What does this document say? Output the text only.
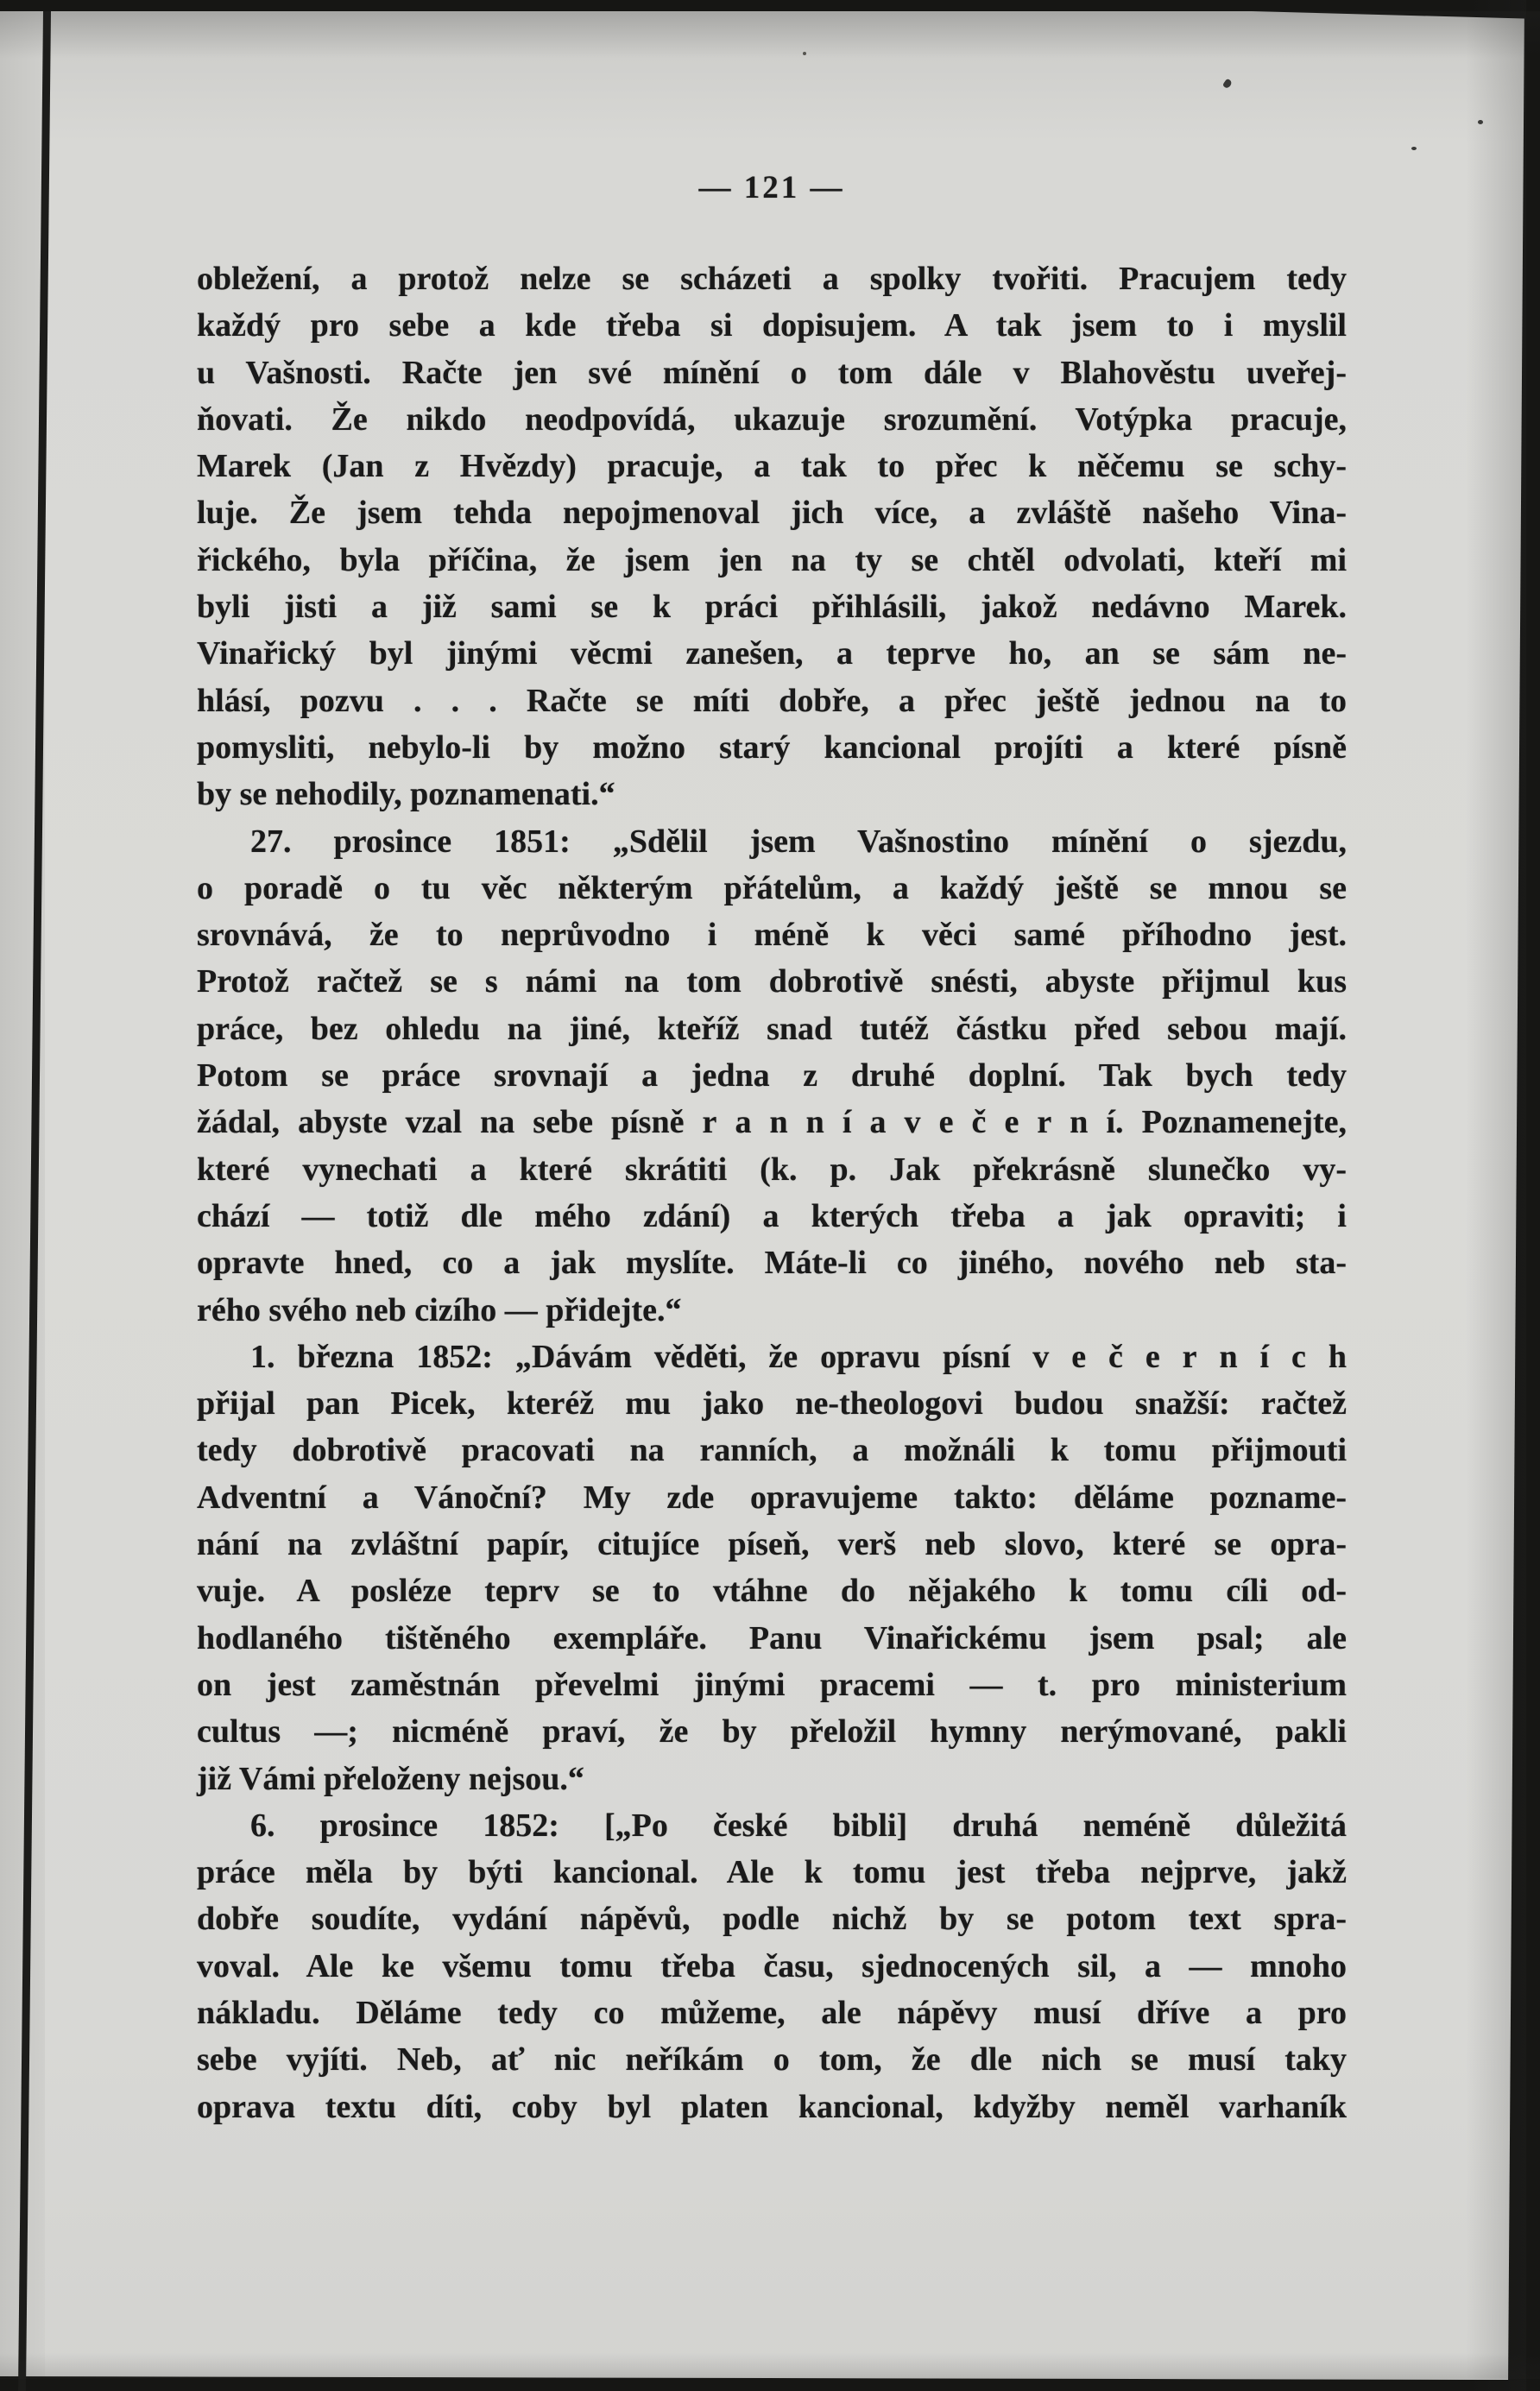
— 121 —
obležení, a protož nelze se scházeti a spolky tvořiti. Pracujem tedy
každý pro sebe a kde třeba si dopisujem. A tak jsem to i myslil
u Vašnosti. Račte jen své mínění o tom dále v Blahověstu uveřej-
ňovati. Že nikdo neodpovídá, ukazuje srozumění. Votýpka pracuje,
Marek (Jan z Hvězdy) pracuje, a tak to přec k něčemu se schy-
luje. Že jsem tehda nepojmenoval jich více, a zvláště našeho Vina-
řického, byla příčina, že jsem jen na ty se chtěl odvolati, kteří mi
byli jisti a již sami se k práci přihlásili, jakož nedávno Marek.
Vinařický byl jinými věcmi zanešen, a teprve ho, an se sám ne-
hlásí, pozvu . . . Račte se míti dobře, a přec ještě jednou na to
pomysliti, nebylo-li by možno starý kancional projíti a které písně
by se nehodily, poznamenati.“
27. prosince 1851: „Sdělil jsem Vašnostino mínění o sjezdu,
o poradě o tu věc některým přátelům, a každý ještě se mnou se
srovnává, že to neprůvodno i méně k věci samé příhodno jest.
Protož račtež se s námi na tom dobrotivě snésti, abyste přijmul kus
práce, bez ohledu na jiné, kteříž snad tutéž částku před sebou mají.
Potom se práce srovnají a jedna z druhé doplní. Tak bych tedy
žádal, abyste vzal na sebe písně r a n n í a v e č e r n í. Poznamenejte,
které vynechati a které skrátiti (k. p. Jak překrásně slunečko vy-
chází — totiž dle mého zdání) a kterých třeba a jak opraviti; i
opravte hned, co a jak myslíte. Máte-li co jiného, nového neb sta-
rého svého neb cizího — přidejte.“
1. března 1852: „Dávám věděti, že opravu písní v e č e r n í c h
přijal pan Picek, kteréž mu jako ne-theologovi budou snažší: račtež
tedy dobrotivě pracovati na ranních, a možnáli k tomu přijmouti
Adventní a Vánoční? My zde opravujeme takto: děláme pozname-
nání na zvláštní papír, citujíce píseň, verš neb slovo, které se opra-
vuje. A posléze teprv se to vtáhne do nějakého k tomu cíli od-
hodlaného tištěného exempláře. Panu Vinařickému jsem psal; ale
on jest zaměstnán převelmi jinými pracemi — t. pro ministerium
cultus —; nicméně praví, že by přeložil hymny nerýmované, pakli
již Vámi přeloženy nejsou.“
6. prosince 1852: [„Po české bibli] druhá neméně důležitá
práce měla by býti kancional. Ale k tomu jest třeba nejprve, jakž
dobře soudíte, vydání nápěvů, podle nichž by se potom text spra-
voval. Ale ke všemu tomu třeba času, sjednocených sil, a — mnoho
nákladu. Děláme tedy co můžeme, ale nápěvy musí dříve a pro
sebe vyjíti. Neb, ať nic neříkám o tom, že dle nich se musí taky
oprava textu díti, coby byl platen kancional, kdyžby neměl varhaník
